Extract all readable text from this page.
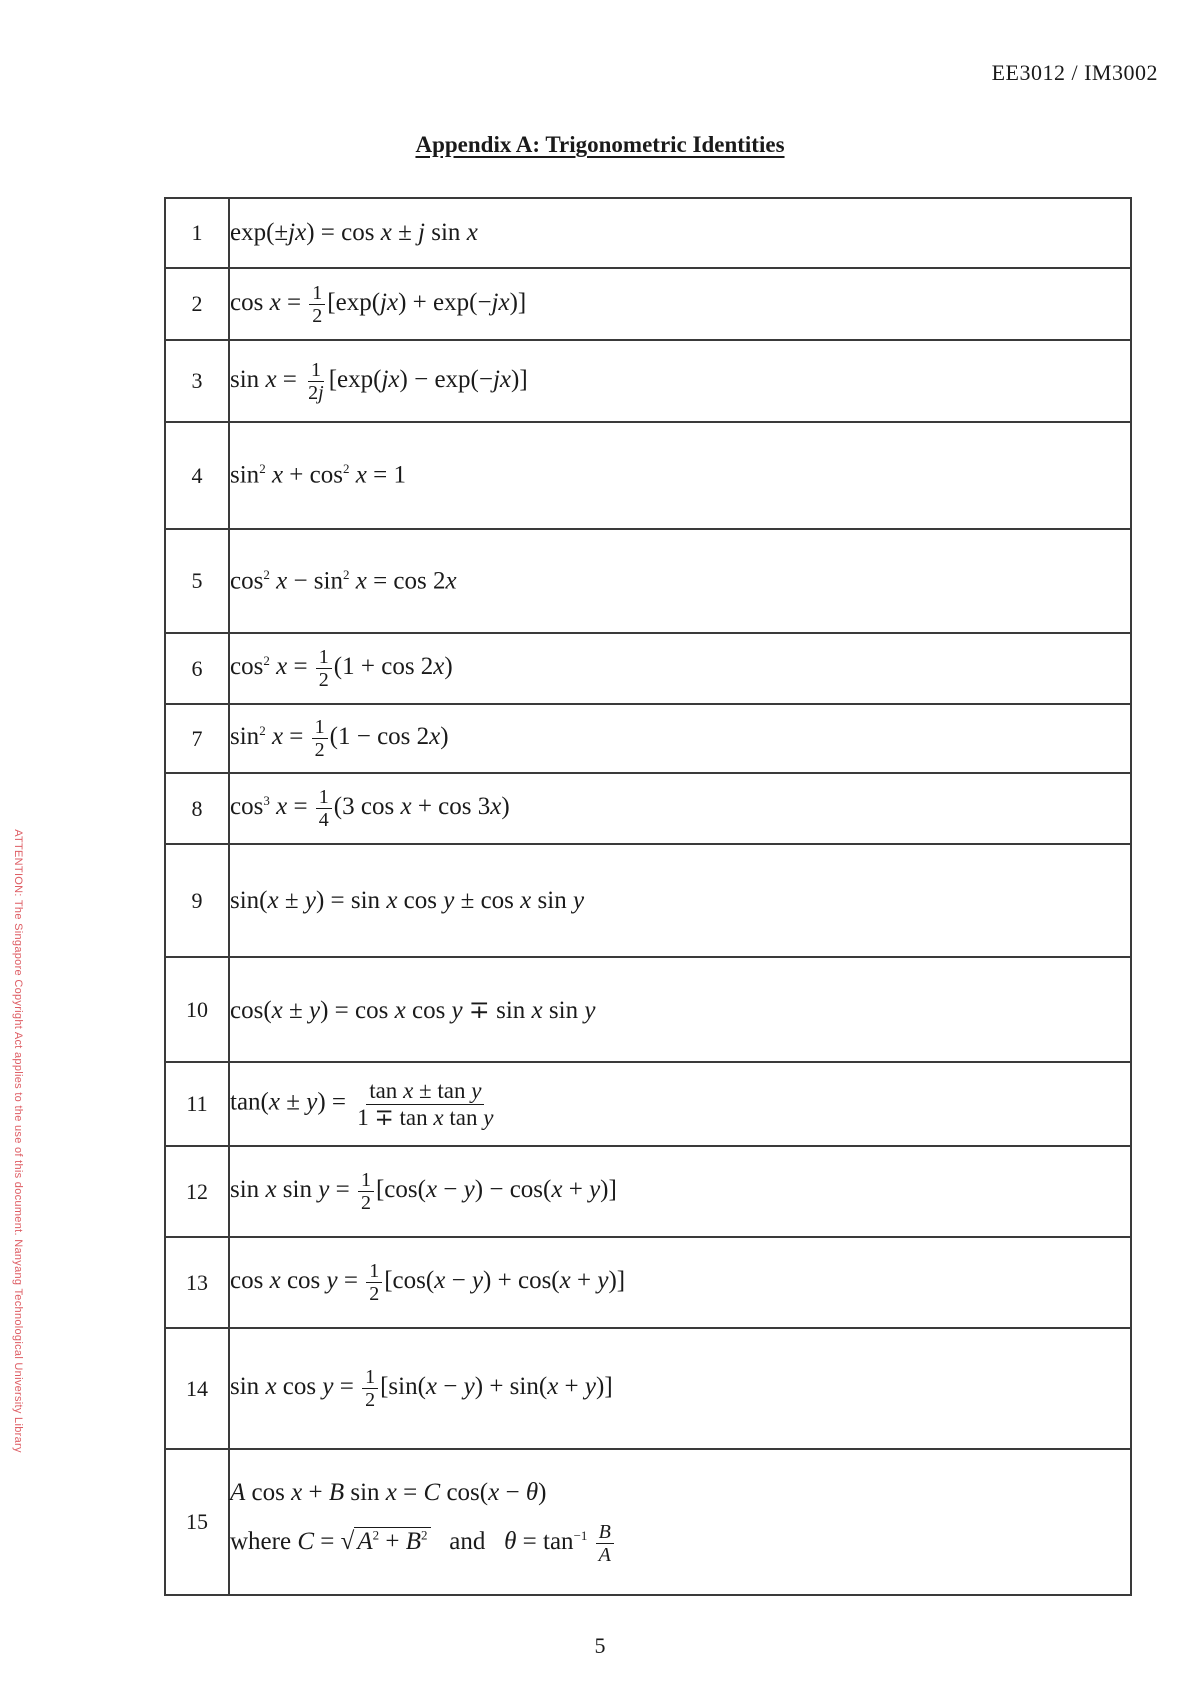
EE3012 / IM3002
Appendix A: Trigonometric Identities
ATTENTION: The Singapore Copyright Act applies to the use of this document. Nanyang Technological University Library
1	exp(±jx) = cos x ± j sin x
2	$\cos x = \frac{1}{2} [\exp(jx) + \exp(-jx)]$
3	$\sin x = \frac{1}{2j} [\exp(jx) - \exp(-jx)]$
4	$\sin^2 x + \cos^2 x = 1$
5	$\cos^2 x - \sin^2 x = \cos 2x$
6	$\cos^2 x = \frac{1}{2} (1 + \cos 2x)$
7	$\sin^2 x = \frac{1}{2} (1 - \cos 2x)$
8	$\cos^3 x = \frac{1}{4} (3$ cos x + cos 3x)
9	sin(x ± y) = sin x cos y ± cos x sin y
10	cos(x ± y) = cos x cos y ∓ sin x sin y
11	$\tan(x \pm y) = \frac{\text{tan x ± tan y}}{\text{1 ∓ tan x tan y}}$

12	sin x $\sin y = \frac{1}{2} [\cos(x - y) - \cos(x + y)]$
13	cos x $\cos y = \frac{1}{2} [\cos(x - y) + \cos(x + y)]$
14	sin x $\cos y = \frac{1}{2} [\sin(x - y) + \sin(x + y)]$
15	A cos x + B sin x = C cos(x − θ)
where C = √ $A^2 + B^2$ and $\theta = \tan^{-1} \frac{B}{A}$
5
